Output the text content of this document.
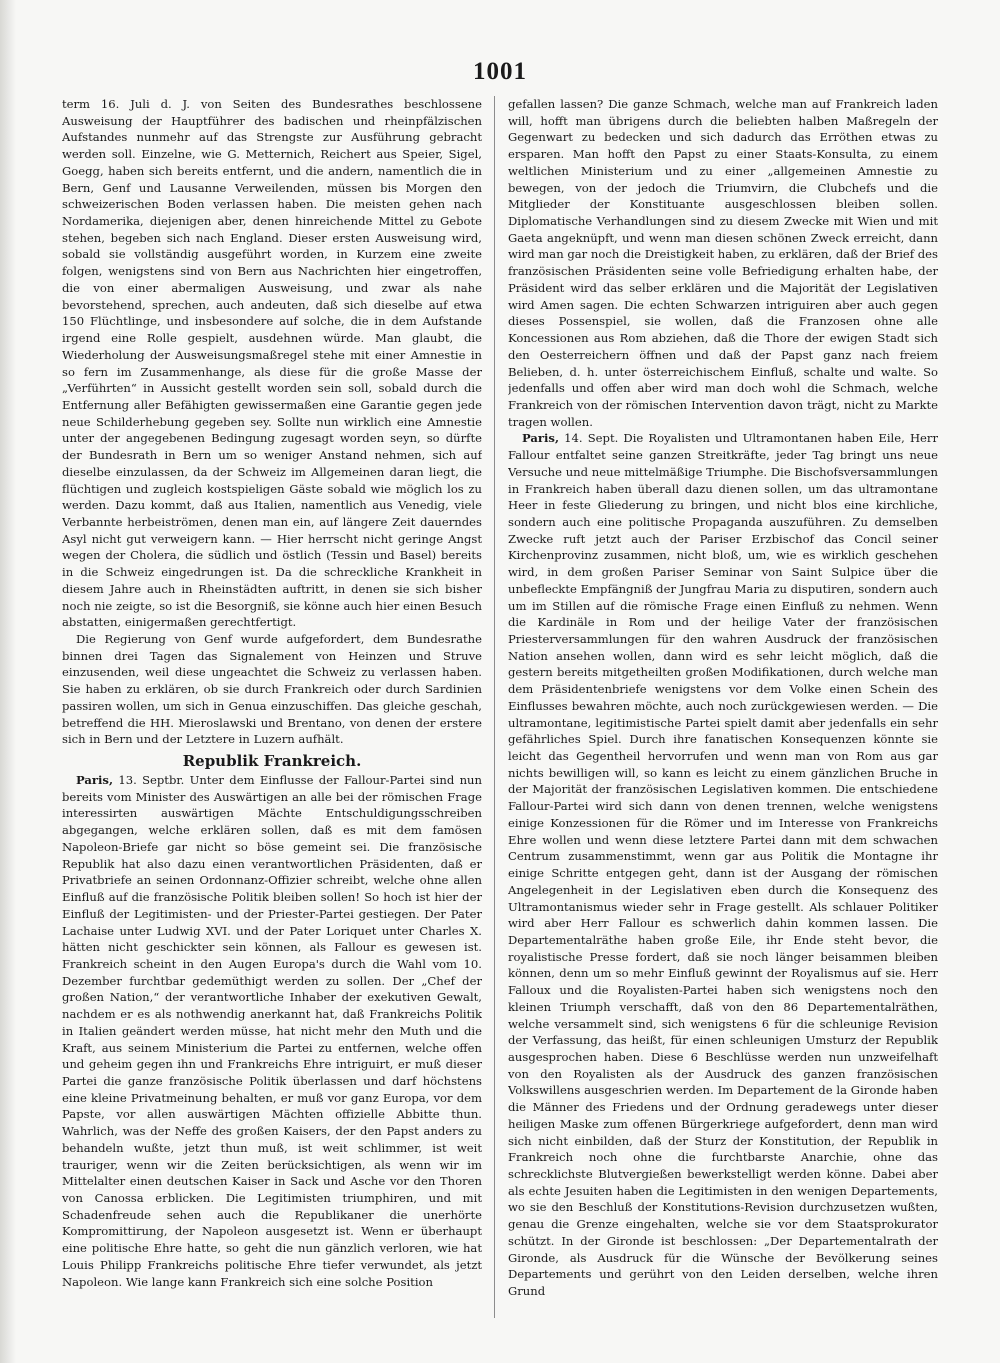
1001

term 16. Juli d. J. von Seiten des Bundesrathes beschlossene Ausweisung der Hauptführer des badischen und rheinpfälzischen Aufstandes nunmehr auf das Strengste zur Ausführung gebracht werden soll. Einzelne, wie G. Metternich, Reichert aus Speier, Sigel, Goegg, haben sich bereits entfernt, und die andern, namentlich die in Bern, Genf und Lausanne Verweilenden, müssen bis Morgen den schweizerischen Boden verlassen haben. Die meisten gehen nach Nordamerika, diejenigen aber, denen hinreichende Mittel zu Gebote stehen, begeben sich nach England. Dieser ersten Ausweisung wird, sobald sie vollständig ausgeführt worden, in Kurzem eine zweite folgen, wenigstens sind von Bern aus Nachrichten hier eingetroffen, die von einer abermaligen Ausweisung, und zwar als nahe bevorstehend, sprechen, auch andeuten, daß sich dieselbe auf etwa 150 Flüchtlinge, und insbesondere auf solche, die in dem Aufstande irgend eine Rolle gespielt, ausdehnen würde. Man glaubt, die Wiederholung der Ausweisungsmaßregel stehe mit einer Amnestie in so fern im Zusammenhange, als diese für die große Masse der „Verführten“ in Aussicht gestellt worden sein soll, sobald durch die Entfernung aller Befähigten gewissermaßen eine Garantie gegen jede neue Schilderhebung gegeben sey. Sollte nun wirklich eine Amnestie unter der angegebenen Bedingung zugesagt worden seyn, so dürfte der Bundesrath in Bern um so weniger Anstand nehmen, sich auf dieselbe einzulassen, da der Schweiz im Allgemeinen daran liegt, die flüchtigen und zugleich kostspieligen Gäste sobald wie möglich los zu werden. Dazu kommt, daß aus Italien, namentlich aus Venedig, viele Verbannte herbeiströmen, denen man ein, auf längere Zeit dauerndes Asyl nicht gut verweigern kann. — Hier herrscht nicht geringe Angst wegen der Cholera, die südlich und östlich (Tessin und Basel) bereits in die Schweiz eingedrungen ist. Da die schreckliche Krankheit in diesem Jahre auch in Rheinstädten auftritt, in denen sie sich bisher noch nie zeigte, so ist die Besorgniß, sie könne auch hier einen Besuch abstatten, einigermaßen gerechtfertigt.

Die Regierung von Genf wurde aufgefordert, dem Bundesrathe binnen drei Tagen das Signalement von Heinzen und Struve einzusenden, weil diese ungeachtet die Schweiz zu verlassen haben. Sie haben zu erklären, ob sie durch Frankreich oder durch Sardinien passiren wollen, um sich in Genua einzuschiffen. Das gleiche geschah, betreffend die HH. Mieroslawski und Brentano, von denen der erstere sich in Bern und der Letztere in Luzern aufhält.

Republik Frankreich.

Paris, 13. Septbr. Unter dem Einflusse der Fallour-Partei sind nun bereits vom Minister des Auswärtigen an alle bei der römischen Frage interessirten auswärtigen Mächte Entschuldigungsschreiben abgegangen, welche erklären sollen, daß es mit dem famösen Napoleon-Briefe gar nicht so böse gemeint sei. Die französische Republik hat also dazu einen verantwortlichen Präsidenten, daß er Privatbriefe an seinen Ordonnanz-Offizier schreibt, welche ohne allen Einfluß auf die französische Politik bleiben sollen! So hoch ist hier der Einfluß der Legitimisten- und der Priester-Partei gestiegen. Der Pater Lachaise unter Ludwig XVI. und der Pater Loriquet unter Charles X. hätten nicht geschickter sein können, als Fallour es gewesen ist. Frankreich scheint in den Augen Europa's durch die Wahl vom 10. Dezember furchtbar gedemüthigt werden zu sollen. Der „Chef der großen Nation,“ der verantwortliche Inhaber der exekutiven Gewalt, nachdem er es als nothwendig anerkannt hat, daß Frankreichs Politik in Italien geändert werden müsse, hat nicht mehr den Muth und die Kraft, aus seinem Ministerium die Partei zu entfernen, welche offen und geheim gegen ihn und Frankreichs Ehre intriguirt, er muß dieser Partei die ganze französische Politik überlassen und darf höchstens eine kleine Privatmeinung behalten, er muß vor ganz Europa, vor dem Papste, vor allen auswärtigen Mächten offizielle Abbitte thun. Wahrlich, was der Neffe des großen Kaisers, der den Papst anders zu behandeln wußte, jetzt thun muß, ist weit schlimmer, ist weit trauriger, wenn wir die Zeiten berücksichtigen, als wenn wir im Mittelalter einen deutschen Kaiser in Sack und Asche vor den Thoren von Canossa erblicken. Die Legitimisten triumphiren, und mit Schadenfreude sehen auch die Republikaner die unerhörte Kompromittirung, der Napoleon ausgesetzt ist. Wenn er überhaupt eine politische Ehre hatte, so geht die nun gänzlich verloren, wie hat Louis Philipp Frankreichs politische Ehre tiefer verwundet, als jetzt Napoleon. Wie lange kann Frankreich sich eine solche Position

gefallen lassen? Die ganze Schmach, welche man auf Frankreich laden will, hofft man übrigens durch die beliebten halben Maßregeln der Gegenwart zu bedecken und sich dadurch das Erröthen etwas zu ersparen. Man hofft den Papst zu einer Staats-Konsulta, zu einem weltlichen Ministerium und zu einer „allgemeinen Amnestie zu bewegen, von der jedoch die Triumvirn, die Clubchefs und die Mitglieder der Konstituante ausgeschlossen bleiben sollen. Diplomatische Verhandlungen sind zu diesem Zwecke mit Wien und mit Gaeta angeknüpft, und wenn man diesen schönen Zweck erreicht, dann wird man gar noch die Dreistigkeit haben, zu erklären, daß der Brief des französischen Präsidenten seine volle Befriedigung erhalten habe, der Präsident wird das selber erklären und die Majorität der Legislativen wird Amen sagen. Die echten Schwarzen intriguiren aber auch gegen dieses Possenspiel, sie wollen, daß die Franzosen ohne alle Koncessionen aus Rom abziehen, daß die Thore der ewigen Stadt sich den Oesterreichern öffnen und daß der Papst ganz nach freiem Belieben, d. h. unter österreichischem Einfluß, schalte und walte. So jedenfalls und offen aber wird man doch wohl die Schmach, welche Frankreich von der römischen Intervention davon trägt, nicht zu Markte tragen wollen.

Paris, 14. Sept. Die Royalisten und Ultramontanen haben Eile, Herr Fallour entfaltet seine ganzen Streitkräfte, jeder Tag bringt uns neue Versuche und neue mittelmäßige Triumphe. Die Bischofsversammlungen in Frankreich haben überall dazu dienen sollen, um das ultramontane Heer in feste Gliederung zu bringen, und nicht blos eine kirchliche, sondern auch eine politische Propaganda auszuführen. Zu demselben Zwecke ruft jetzt auch der Pariser Erzbischof das Concil seiner Kirchenprovinz zusammen, nicht bloß, um, wie es wirklich geschehen wird, in dem großen Pariser Seminar von Saint Sulpice über die unbefleckte Empfängniß der Jungfrau Maria zu disputiren, sondern auch um im Stillen auf die römische Frage einen Einfluß zu nehmen. Wenn die Kardinäle in Rom und der heilige Vater der französischen Priesterversammlungen für den wahren Ausdruck der französischen Nation ansehen wollen, dann wird es sehr leicht möglich, daß die gestern bereits mitgetheilten großen Modifikationen, durch welche man dem Präsidentenbriefe wenigstens vor dem Volke einen Schein des Einflusses bewahren möchte, auch noch zurückgewiesen werden. — Die ultramontane, legitimistische Partei spielt damit aber jedenfalls ein sehr gefährliches Spiel. Durch ihre fanatischen Konsequenzen könnte sie leicht das Gegentheil hervorrufen und wenn man von Rom aus gar nichts bewilligen will, so kann es leicht zu einem gänzlichen Bruche in der Majorität der französischen Legislativen kommen. Die entschiedene Fallour-Partei wird sich dann von denen trennen, welche wenigstens einige Konzessionen für die Römer und im Interesse von Frankreichs Ehre wollen und wenn diese letztere Partei dann mit dem schwachen Centrum zusammenstimmt, wenn gar aus Politik die Montagne ihr einige Schritte entgegen geht, dann ist der Ausgang der römischen Angelegenheit in der Legislativen eben durch die Konsequenz des Ultramontanismus wieder sehr in Frage gestellt. Als schlauer Politiker wird aber Herr Fallour es schwerlich dahin kommen lassen. Die Departementalräthe haben große Eile, ihr Ende steht bevor, die royalistische Presse fordert, daß sie noch länger beisammen bleiben können, denn um so mehr Einfluß gewinnt der Royalismus auf sie. Herr Falloux und die Royalisten-Partei haben sich wenigstens noch den kleinen Triumph verschafft, daß von den 86 Departementalräthen, welche versammelt sind, sich wenigstens 6 für die schleunige Revision der Verfassung, das heißt, für einen schleunigen Umsturz der Republik ausgesprochen haben. Diese 6 Beschlüsse werden nun unzweifelhaft von den Royalisten als der Ausdruck des ganzen französischen Volkswillens ausgeschrien werden. Im Departement de la Gironde haben die Männer des Friedens und der Ordnung geradewegs unter dieser heiligen Maske zum offenen Bürgerkriege aufgefordert, denn man wird sich nicht einbilden, daß der Sturz der Konstitution, der Republik in Frankreich noch ohne die furchtbarste Anarchie, ohne das schrecklichste Blutvergießen bewerkstelligt werden könne. Dabei aber als echte Jesuiten haben die Legitimisten in den wenigen Departements, wo sie den Beschluß der Konstitutions-Revision durchzusetzen wußten, genau die Grenze eingehalten, welche sie vor dem Staatsprokurator schützt. In der Gironde ist beschlossen: „Der Departementalrath der Gironde, als Ausdruck für die Wünsche der Bevölkerung seines Departements und gerührt von den Leiden derselben, welche ihren Grund
